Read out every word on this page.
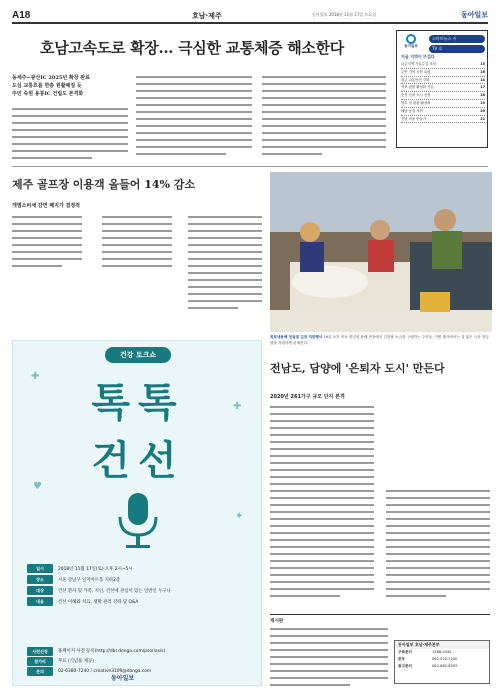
A18	호남·제주	동아일보 2018년 11월 17일 토요일	동아일보
호남고속도로 확장… 극심한 교통체증 해소한다
동세주~광산IC 2025년 확장 완료
도심 교통흐름 한층 원활해질 듯
주민 숙원 용봉IC 건립도 본격화
동아일보
스마트뉴스 시
TV 호
지금 지역이 뜨겁다
나주지역 가로수길 조성	15
무안 지역 공원 호평	16
광주 교통안전 강화	14
목포 관광 활성화 사업	17
순천 문화 도시 선정	18
여수 섬 관광 활성화	19
해남 농업 지원	20
전남 마을 만들기	21
제주 골프장 이용객 올들어 14% 감소
개별소비세 감면 폐지가 결정적
목포냉동해 천일염 김장 직판행사 16일 오후 목포 천일염 판매 현장에서 김장용 소금을 구매하는 주민들. 이번 행사에서는 질 좋은 국산 천일염을 저렴하게 판매한다.
✚
✚
♥
✦
건강 토크쇼
톡톡
건선
일시	2018년 11월 17일(토) 오후 2시~5시
장소	서울 강남구 일지아트홀 지하2층
대상	건선 환자 및 가족, 지인, 건선에 관심이 있는 일반인 누구나
내용	건선 이해와 치료, 생활 관리 강좌 및 Q&A
사전신청	홈페이지 사전 등록(http://dbr.donga.com/psoriasis)
참가비	무료 (기념품 제공)
문의	02-6380-7240 / creative3109@donga.com
동아일보
전남도, 담양에 '은퇴자 도시' 만든다
2020년 261가구 규모 단지 본격
게시판
동아일보 호남·제주본부
구독문의	1588-5345
본부	062-520-7200
광고문의	062-682-8592
